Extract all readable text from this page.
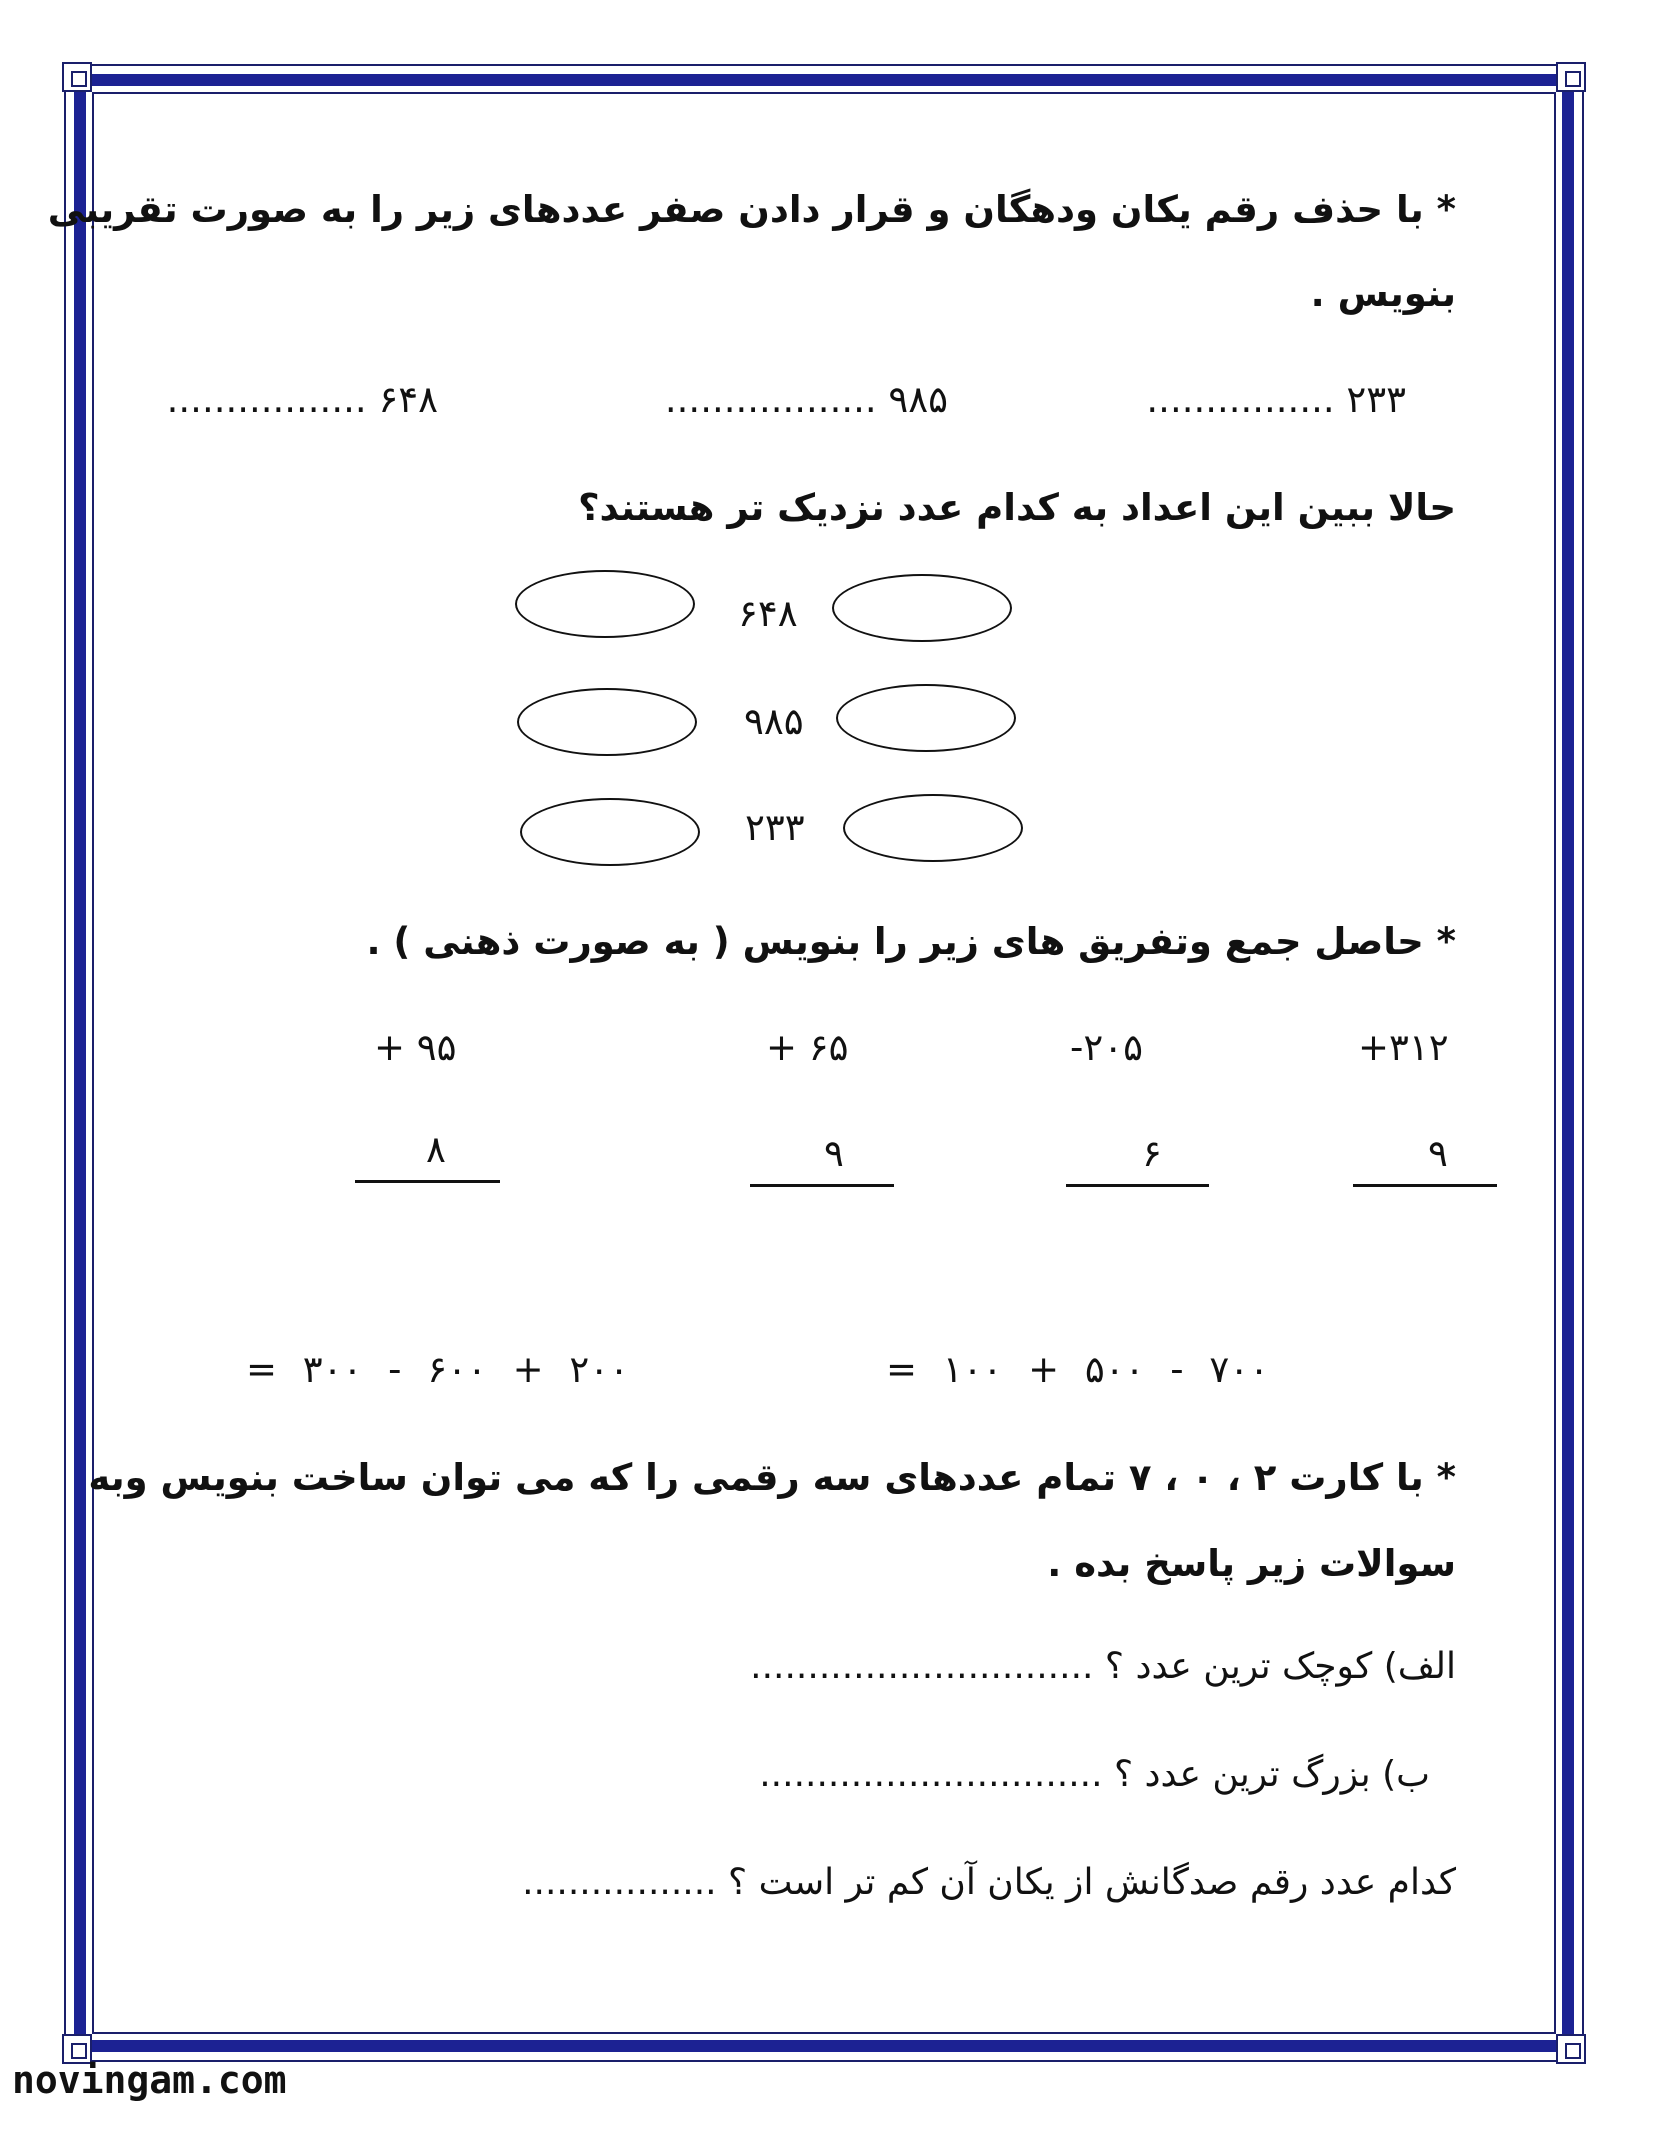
* با حذف رقم یکان ودهگان و قرار دادن صفر عددهای زیر را به صورت تقریبی
بنویس .
۲۳۳ ................
۹۸۵ ..................
۶۴۸ .................
حالا ببین این اعداد به کدام عدد نزدیک تر هستند؟
۶۴۸
۹۸۵
۲۳۳
* حاصل جمع وتفریق های زیر را بنویس ( به صورت ذهنی ) .
+۳۱۲
۹
-۲۰۵
۶
+ ۶۵
۹
+ ۹۵
۸
۷۰۰ - ۵۰۰ + ۱۰۰ =
۲۰۰ + ۶۰۰ - ۳۰۰ =
* با کارت ۲ ، ۰ ، ۷ تمام عددهای سه رقمی را که می توان ساخت بنویس وبه
سوالات زیر پاسخ بده .
الف) کوچک ترین عدد ؟ ..............................
ب) بزرگ ترین عدد ؟ ..............................
کدام عدد رقم صدگانش از یکان آن کم تر است ؟ .................
novingam.com
